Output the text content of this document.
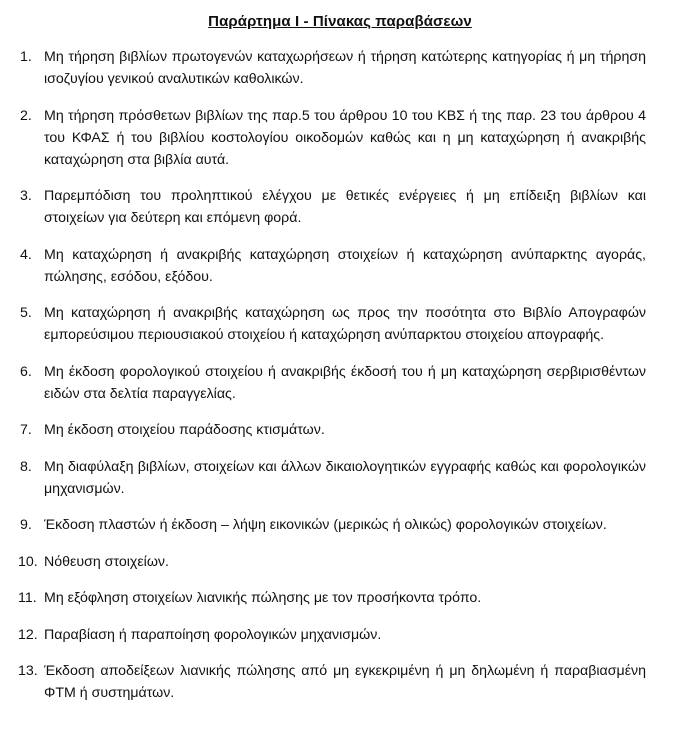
Παράρτημα Ι - Πίνακας παραβάσεων
1. Μη τήρηση βιβλίων πρωτογενών καταχωρήσεων ή τήρηση κατώτερης κατηγορίας ή μη τήρηση ισοζυγίου γενικού αναλυτικών καθολικών.
2. Μη τήρηση πρόσθετων βιβλίων της παρ.5 του άρθρου 10 του ΚΒΣ ή της παρ. 23 του άρθρου 4 του ΚΦΑΣ ή του βιβλίου κοστολογίου οικοδομών καθώς και η μη καταχώρηση ή ανακριβής καταχώρηση στα βιβλία αυτά.
3. Παρεμπόδιση του προληπτικού ελέγχου με θετικές ενέργειες ή μη επίδειξη βιβλίων και στοιχείων για δεύτερη και επόμενη φορά.
4. Μη καταχώρηση ή ανακριβής καταχώρηση στοιχείων ή καταχώρηση ανύπαρκτης αγοράς, πώλησης, εσόδου, εξόδου.
5. Μη καταχώρηση ή ανακριβής καταχώρηση ως προς την ποσότητα στο Βιβλίο Απογραφών εμπορεύσιμου περιουσιακού στοιχείου ή καταχώρηση ανύπαρκτου στοιχείου απογραφής.
6. Μη έκδοση φορολογικού στοιχείου ή ανακριβής έκδοσή του ή μη καταχώρηση σερβιρισθέντων ειδών στα δελτία παραγγελίας.
7. Μη έκδοση στοιχείου παράδοσης κτισμάτων.
8. Μη διαφύλαξη βιβλίων, στοιχείων και άλλων δικαιολογητικών εγγραφής καθώς και φορολογικών μηχανισμών.
9. Έκδοση πλαστών ή έκδοση – λήψη εικονικών (μερικώς ή ολικώς) φορολογικών στοιχείων.
10. Νόθευση στοιχείων.
11. Μη εξόφληση στοιχείων λιανικής πώλησης με τον προσήκοντα τρόπο.
12. Παραβίαση ή παραποίηση φορολογικών μηχανισμών.
13. Έκδοση αποδείξεων λιανικής πώλησης από μη εγκεκριμένη ή μη δηλωμένη ή παραβιασμένη ΦΤΜ ή συστημάτων.
